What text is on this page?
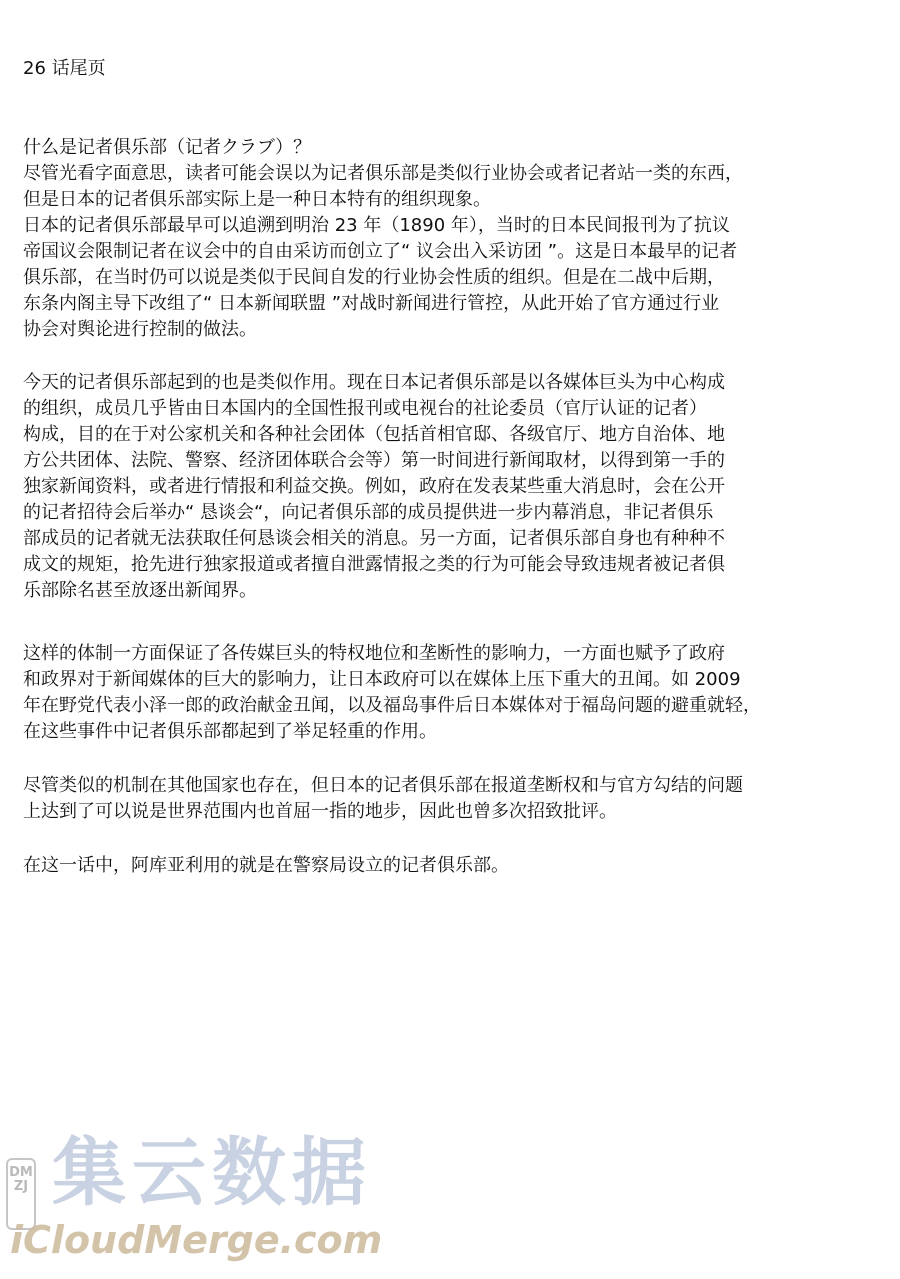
26 话尾页
什么是记者俱乐部（记者クラブ）？
尽管光看字面意思，读者可能会误以为记者俱乐部是类似行业协会或者记者站一类的东西，
但是日本的记者俱乐部实际上是一种日本特有的组织现象。
日本的记者俱乐部最早可以追溯到明治 23 年（1890 年），当时的日本民间报刊为了抗议
帝国议会限制记者在议会中的自由采访而创立了“ 议会出入采访团 ”。这是日本最早的记者
俱乐部，在当时仍可以说是类似于民间自发的行业协会性质的组织。但是在二战中后期，
东条内阁主导下改组了“ 日本新闻联盟 ”对战时新闻进行管控，从此开始了官方通过行业
协会对舆论进行控制的做法。
今天的记者俱乐部起到的也是类似作用。现在日本记者俱乐部是以各媒体巨头为中心构成
的组织，成员几乎皆由日本国内的全国性报刊或电视台的社论委员（官厅认证的记者）
构成，目的在于对公家机关和各种社会团体（包括首相官邸、各级官厅、地方自治体、地
方公共团体、法院、警察、经济团体联合会等）第一时间进行新闻取材，以得到第一手的
独家新闻资料，或者进行情报和利益交换。例如，政府在发表某些重大消息时，会在公开
的记者招待会后举办“ 恳谈会“，向记者俱乐部的成员提供进一步内幕消息，非记者俱乐
部成员的记者就无法获取任何恳谈会相关的消息。另一方面，记者俱乐部自身也有种种不
成文的规矩，抢先进行独家报道或者擅自泄露情报之类的行为可能会导致违规者被记者俱
乐部除名甚至放逐出新闻界。
这样的体制一方面保证了各传媒巨头的特权地位和垄断性的影响力，一方面也赋予了政府
和政界对于新闻媒体的巨大的影响力，让日本政府可以在媒体上压下重大的丑闻。如 2009
年在野党代表小泽一郎的政治献金丑闻，以及福岛事件后日本媒体对于福岛问题的避重就轻，
在这些事件中记者俱乐部都起到了举足轻重的作用。
尽管类似的机制在其他国家也存在，但日本的记者俱乐部在报道垄断权和与官方勾结的问题
上达到了可以说是世界范围内也首屈一指的地步，因此也曾多次招致批评。
在这一话中，阿库亚利用的就是在警察局设立的记者俱乐部。
DMZJ 集云数据
iCloudMerge.com
